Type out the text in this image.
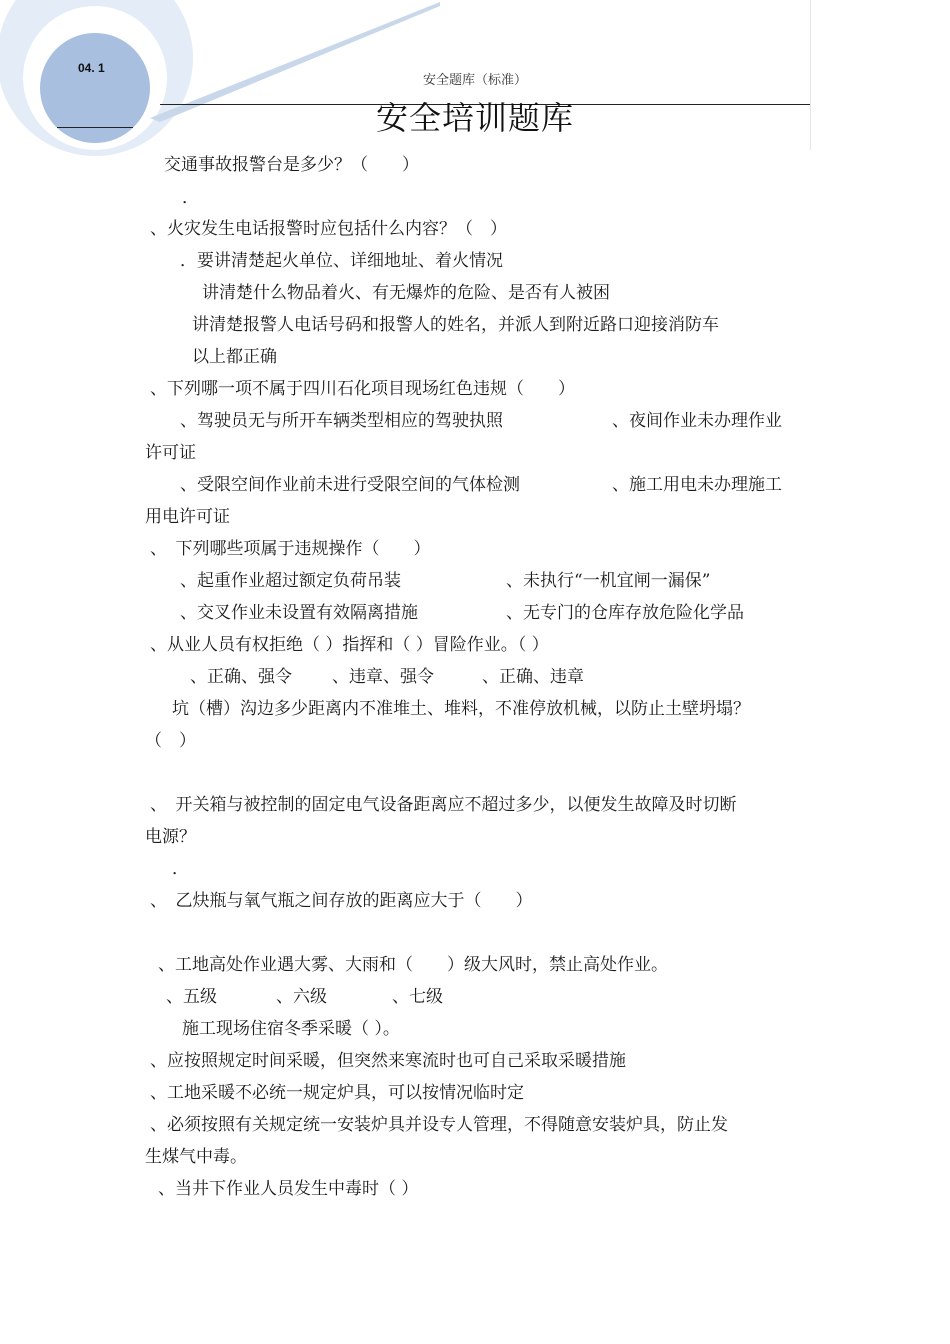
04. 1
安全题库（标准）
安全培训题库
交通事故报警台是多少？（　　）
．
、火灾发生电话报警时应包括什么内容？（　）
．要讲清楚起火单位、详细地址、着火情况
讲清楚什么物品着火、有无爆炸的危险、是否有人被困
讲清楚报警人电话号码和报警人的姓名，并派人到附近路口迎接消防车
以上都正确
、下列哪一项不属于四川石化项目现场红色违规（　　）
、驾驶员无与所开车辆类型相应的驾驶执照	、夜间作业未办理作业
许可证
、受限空间作业前未进行受限空间的气体检测	、施工用电未办理施工
用电许可证
、　下列哪些项属于违规操作（　　）
、起重作业超过额定负荷吊装	、未执行“一机宜闸一漏保”
、交叉作业未设置有效隔离措施	、无专门的仓库存放危险化学品
、从业人员有权拒绝（ ）指挥和（ ）冒险作业。（ ）
、正确、强令 、违章、强令	、正确、违章
坑（槽）沟边多少距离内不准堆土、堆料，不准停放机械，以防止土壁坍塌？
（　）
、　开关箱与被控制的固定电气设备距离应不超过多少，以便发生故障及时切断
电源？
．
、　乙炔瓶与氧气瓶之间存放的距离应大于（　　）
、工地高处作业遇大雾、大雨和（　　）级大风时，禁止高处作业。
、五级	、六级	、七级
施工现场住宿冬季采暖（ ）。
、应按照规定时间采暖，但突然来寒流时也可自己采取采暖措施
、工地采暖不必统一规定炉具，可以按情况临时定
、必须按照有关规定统一安装炉具并设专人管理，不得随意安装炉具，防止发
生煤气中毒。
、当井下作业人员发生中毒时（ ）
